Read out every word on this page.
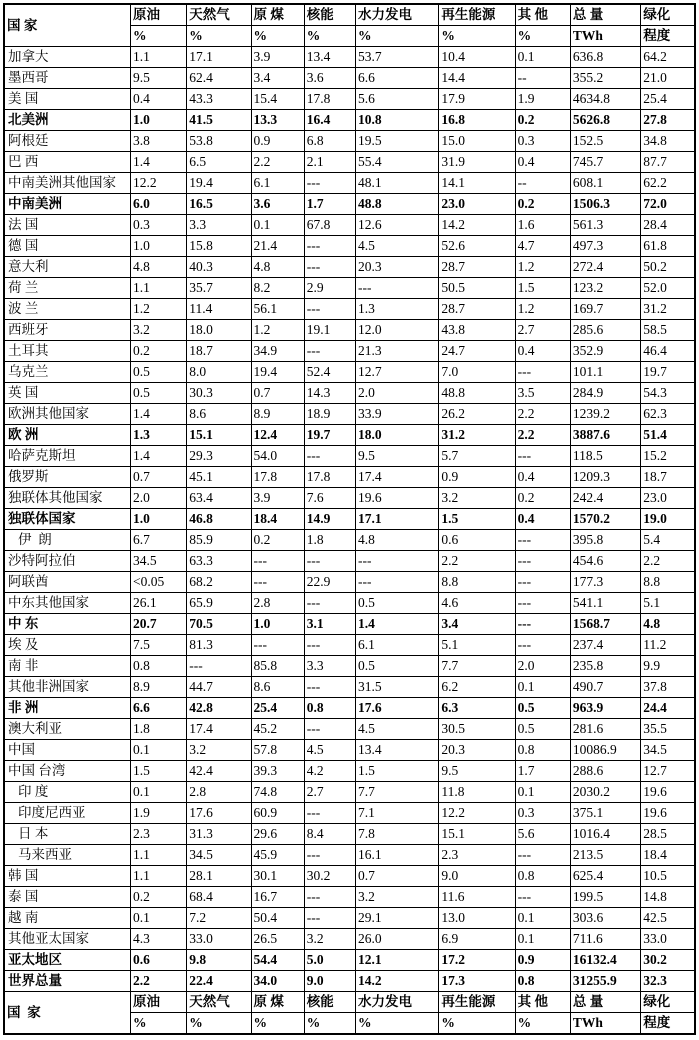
国 家	原油	天然气	原 煤	核能	水力发电	再生能源	其 他	总 量	绿化
	%	%	%	%	%	%	%	TWh	程度
加拿大	1.1	17.1	3.9	13.4	53.7	10.4	0.1	636.8	64.2
墨西哥	9.5	62.4	3.4	3.6	6.6	14.4	--	355.2	21.0
美 国	0.4	43.3	15.4	17.8	5.6	17.9	1.9	4634.8	25.4
北美洲	1.0	41.5	13.3	16.4	10.8	16.8	0.2	5626.8	27.8
阿根廷	3.8	53.8	0.9	6.8	19.5	15.0	0.3	152.5	34.8
巴 西	1.4	6.5	2.2	2.1	55.4	31.9	0.4	745.7	87.7
中南美洲其他国家	12.2	19.4	6.1	---	48.1	14.1	--	608.1	62.2
中南美洲	6.0	16.5	3.6	1.7	48.8	23.0	0.2	1506.3	72.0
法 国	0.3	3.3	0.1	67.8	12.6	14.2	1.6	561.3	28.4
德 国	1.0	15.8	21.4	---	4.5	52.6	4.7	497.3	61.8
意大利	4.8	40.3	4.8	---	20.3	28.7	1.2	272.4	50.2
荷 兰	1.1	35.7	8.2	2.9	---	50.5	1.5	123.2	52.0
波 兰	1.2	11.4	56.1	---	1.3	28.7	1.2	169.7	31.2
西班牙	3.2	18.0	1.2	19.1	12.0	43.8	2.7	285.6	58.5
土耳其	0.2	18.7	34.9	---	21.3	24.7	0.4	352.9	46.4
乌克兰	0.5	8.0	19.4	52.4	12.7	7.0	---	101.1	19.7
英 国	0.5	30.3	0.7	14.3	2.0	48.8	3.5	284.9	54.3
欧洲其他国家	1.4	8.6	8.9	18.9	33.9	26.2	2.2	1239.2	62.3
欧 洲	1.3	15.1	12.4	19.7	18.0	31.2	2.2	3887.6	51.4
哈萨克斯坦	1.4	29.3	54.0	---	9.5	5.7	---	118.5	15.2
俄罗斯	0.7	45.1	17.8	17.8	17.4	0.9	0.4	1209.3	18.7
独联体其他国家	2.0	63.4	3.9	7.6	19.6	3.2	0.2	242.4	23.0
独联体国家	1.0	46.8	18.4	14.9	17.1	1.5	0.4	1570.2	19.0
伊  朗	6.7	85.9	0.2	1.8	4.8	0.6	---	395.8	5.4
沙特阿拉伯	34.5	63.3	---	---	---	2.2	---	454.6	2.2
阿联酋	<0.05	68.2	---	22.9	---	8.8	---	177.3	8.8
中东其他国家	26.1	65.9	2.8	---	0.5	4.6	---	541.1	5.1
中 东	20.7	70.5	1.0	3.1	1.4	3.4	---	1568.7	4.8
埃 及	7.5	81.3	---	---	6.1	5.1	---	237.4	11.2
南 非	0.8	---	85.8	3.3	0.5	7.7	2.0	235.8	9.9
其他非洲国家	8.9	44.7	8.6	---	31.5	6.2	0.1	490.7	37.8
非 洲	6.6	42.8	25.4	0.8	17.6	6.3	0.5	963.9	24.4
澳大利亚	1.8	17.4	45.2	---	4.5	30.5	0.5	281.6	35.5
中国	0.1	3.2	57.8	4.5	13.4	20.3	0.8	10086.9	34.5
中国 台湾	1.5	42.4	39.3	4.2	1.5	9.5	1.7	288.6	12.7
印 度	0.1	2.8	74.8	2.7	7.7	11.8	0.1	2030.2	19.6
印度尼西亚	1.9	17.6	60.9	---	7.1	12.2	0.3	375.1	19.6
日 本	2.3	31.3	29.6	8.4	7.8	15.1	5.6	1016.4	28.5
马来西亚	1.1	34.5	45.9	---	16.1	2.3	---	213.5	18.4
韩 国	1.1	28.1	30.1	30.2	0.7	9.0	0.8	625.4	10.5
泰 国	0.2	68.4	16.7	---	3.2	11.6	---	199.5	14.8
越 南	0.1	7.2	50.4	---	29.1	13.0	0.1	303.6	42.5
其他亚太国家	4.3	33.0	26.5	3.2	26.0	6.9	0.1	711.6	33.0
亚太地区	0.6	9.8	54.4	5.0	12.1	17.2	0.9	16132.4	30.2
世界总量	2.2	22.4	34.0	9.0	14.2	17.3	0.8	31255.9	32.3
国  家	原油	天然气	原 煤	核能	水力发电	再生能源	其 他	总 量	绿化
	%	%	%	%	%	%	%	TWh	程度
